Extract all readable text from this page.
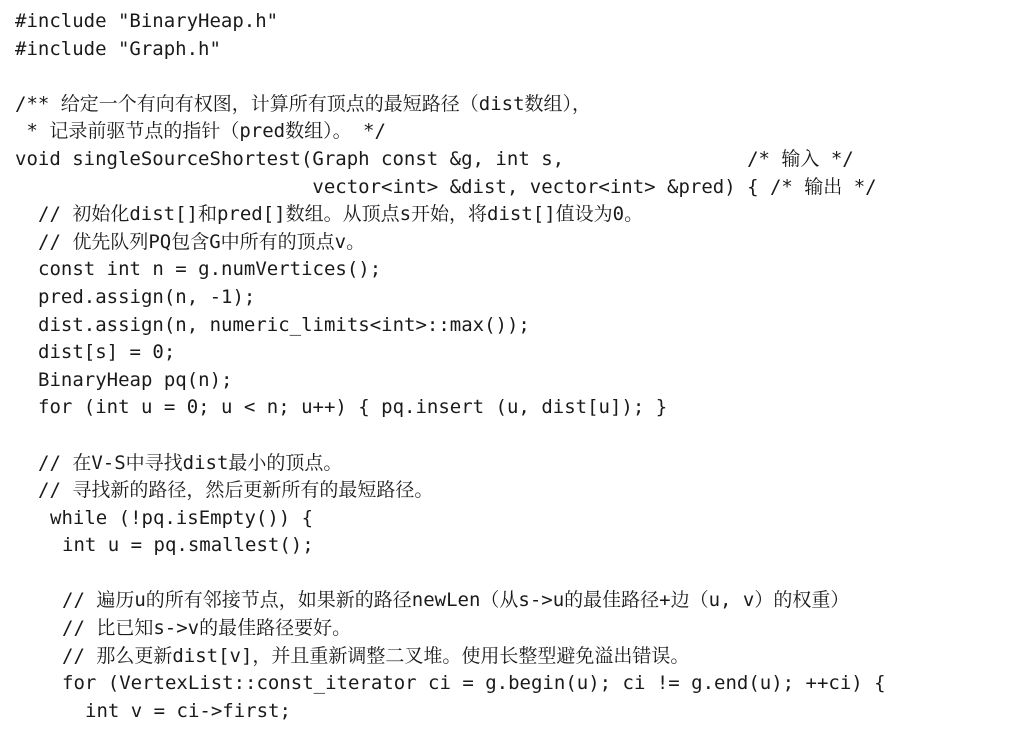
#include "BinaryHeap.h"
#include "Graph.h"
/** 给定一个有向有权图，计算所有顶点的最短路径（dist数组），
* 记录前驱节点的指针（pred数组）。 */
void singleSourceShortest(Graph const &g, int s,                /* 输入 */
vector<int> &dist, vector<int> &pred) { /* 输出 */
// 初始化dist[]和pred[]数组。从顶点s开始，将dist[]值设为0。
// 优先队列PQ包含G中所有的顶点v。
const int n = g.numVertices();
pred.assign(n, -1);
dist.assign(n, numeric_limits<int>::max());
dist[s] = 0;
BinaryHeap pq(n);
for (int u = 0; u < n; u++) { pq.insert (u, dist[u]); }
// 在V-S中寻找dist最小的顶点。
// 寻找新的路径，然后更新所有的最短路径。
while (!pq.isEmpty()) {
int u = pq.smallest();
// 遍历u的所有邻接节点，如果新的路径newLen（从s->u的最佳路径+边（u, v）的权重）
// 比已知s->v的最佳路径要好。
// 那么更新dist[v]，并且重新调整二叉堆。使用长整型避免溢出错误。
for (VertexList::const_iterator ci = g.begin(u); ci != g.end(u); ++ci) {
int v = ci->first;
